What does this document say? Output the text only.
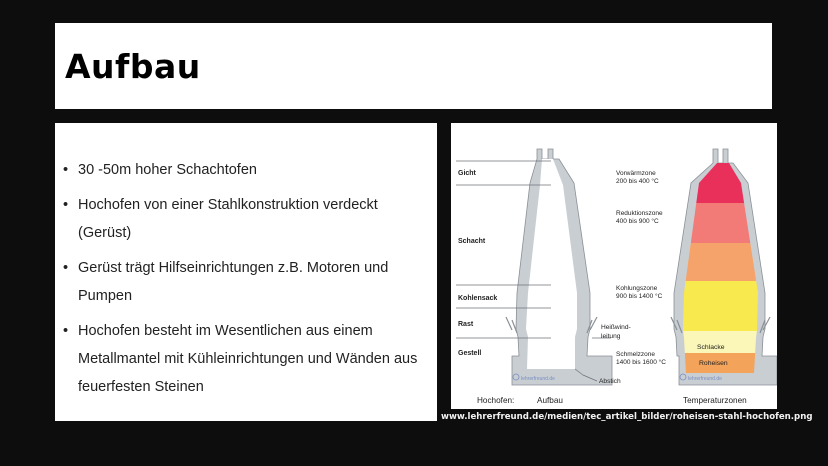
Aufbau
• 30 -50m hoher Schachtofen
• Hochofen von einer Stahlkonstruktion verdeckt (Gerüst)
• Gerüst trägt Hilfseinrichtungen z.B. Motoren und Pumpen
• Hochofen besteht im Wesentlichen aus einem Metallmantel mit Kühleinrichtungen und Wänden aus feuerfesten Steinen
Gicht
Schacht
Kohlensack
Rast
Gestell
Heißwind-
leitung
Abstich
lehrerfreund.de
Hochofen:	Aufbau	Temperaturzonen
Vorwärmzone
200 bis 400 °C
Reduktionszone
400 bis 900 °C
Kohlungszone
900 bis 1400 °C
Schmelzzone
1400 bis 1600 °C
Schlacke
Roheisen
lehrerfreund.de
www.lehrerfreund.de/medien/tec_artikel_bilder/roheisen-stahl-hochofen.png
